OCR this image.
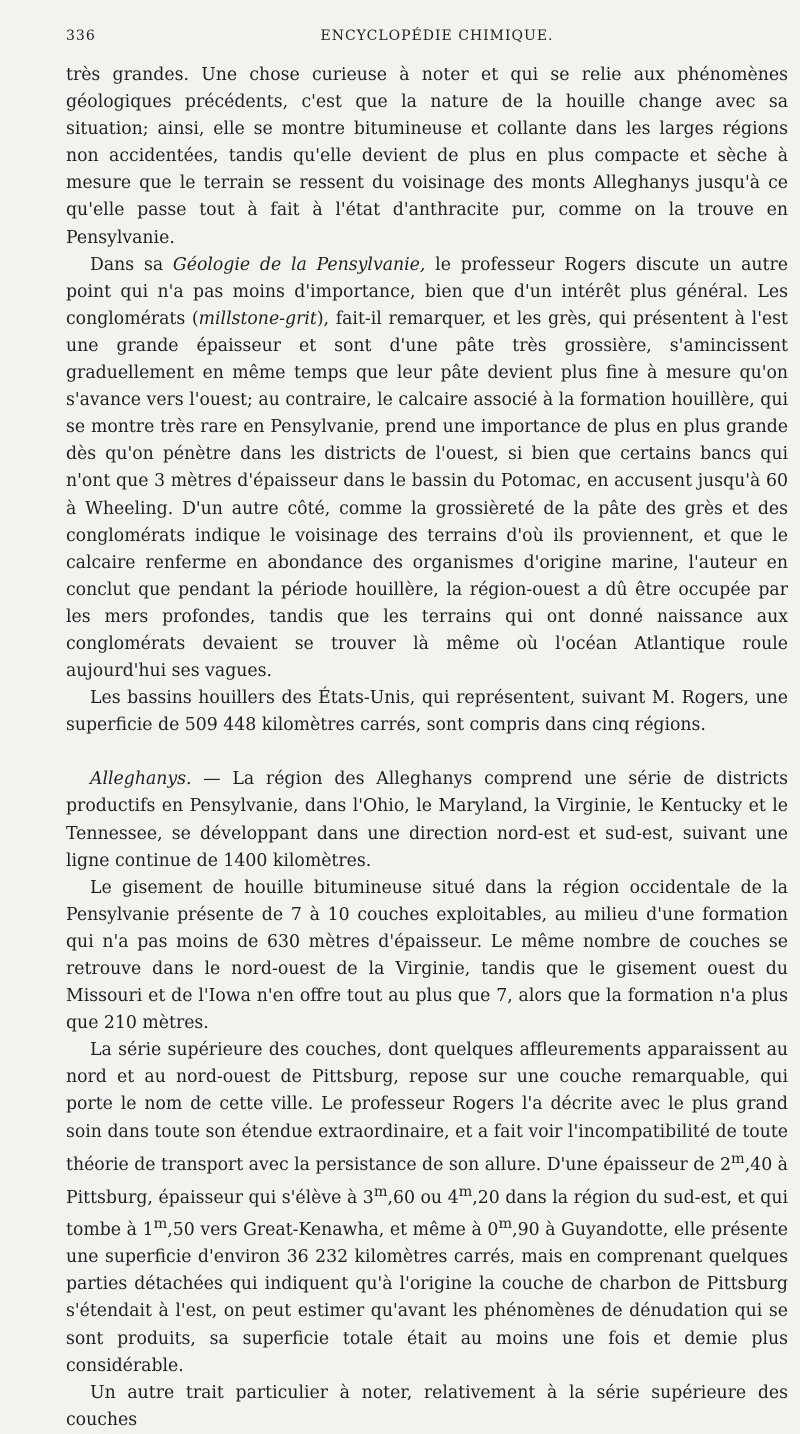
336	ENCYCLOPÉDIE CHIMIQUE.

très grandes. Une chose curieuse à noter et qui se relie aux phénomènes géologiques précédents, c'est que la nature de la houille change avec sa situation; ainsi, elle se montre bitumineuse et collante dans les larges régions non accidentées, tandis qu'elle devient de plus en plus compacte et sèche à mesure que le terrain se ressent du voisinage des monts Alleghanys jusqu'à ce qu'elle passe tout à fait à l'état d'anthracite pur, comme on la trouve en Pensylvanie.

Dans sa Géologie de la Pensylvanie, le professeur Rogers discute un autre point qui n'a pas moins d'importance, bien que d'un intérêt plus général. Les conglomérats (millstone-grit), fait-il remarquer, et les grès, qui présentent à l'est une grande épaisseur et sont d'une pâte très grossière, s'amincissent graduellement en même temps que leur pâte devient plus fine à mesure qu'on s'avance vers l'ouest; au contraire, le calcaire associé à la formation houillère, qui se montre très rare en Pensylvanie, prend une importance de plus en plus grande dès qu'on pénètre dans les districts de l'ouest, si bien que certains bancs qui n'ont que 3 mètres d'épaisseur dans le bassin du Potomac, en accusent jusqu'à 60 à Wheeling. D'un autre côté, comme la grossièreté de la pâte des grès et des conglomérats indique le voisinage des terrains d'où ils proviennent, et que le calcaire renferme en abondance des organismes d'origine marine, l'auteur en conclut que pendant la période houillère, la région-ouest a dû être occupée par les mers profondes, tandis que les terrains qui ont donné naissance aux conglomérats devaient se trouver là même où l'océan Atlantique roule aujourd'hui ses vagues.

Les bassins houillers des États-Unis, qui représentent, suivant M. Rogers, une superficie de 509 448 kilomètres carrés, sont compris dans cinq régions.

Alleghanys. — La région des Alleghanys comprend une série de districts productifs en Pensylvanie, dans l'Ohio, le Maryland, la Virginie, le Kentucky et le Tennessee, se développant dans une direction nord-est et sud-est, suivant une ligne continue de 1400 kilomètres.

Le gisement de houille bitumineuse situé dans la région occidentale de la Pensylvanie présente de 7 à 10 couches exploitables, au milieu d'une formation qui n'a pas moins de 630 mètres d'épaisseur. Le même nombre de couches se retrouve dans le nord-ouest de la Virginie, tandis que le gisement ouest du Missouri et de l'Iowa n'en offre tout au plus que 7, alors que la formation n'a plus que 210 mètres.

La série supérieure des couches, dont quelques affleurements apparaissent au nord et au nord-ouest de Pittsburg, repose sur une couche remarquable, qui porte le nom de cette ville. Le professeur Rogers l'a décrite avec le plus grand soin dans toute son étendue extraordinaire, et a fait voir l'incompatibilité de toute théorie de transport avec la persistance de son allure. D'une épaisseur de 2$^m$,40 à Pittsburg, épaisseur qui s'élève à 3$^m$,60 ou 4$^m$,20 dans la région du sud-est, et qui tombe à 1$^m$,50 vers Great-Kenawha, et même à 0$^m$,90 à Guyandotte, elle présente une superficie d'environ 36 232 kilomètres carrés, mais en comprenant quelques parties détachées qui indiquent qu'à l'origine la couche de charbon de Pittsburg s'étendait à l'est, on peut estimer qu'avant les phénomènes de dénudation qui se sont produits, sa superficie totale était au moins une fois et demie plus considérable.

Un autre trait particulier à noter, relativement à la série supérieure des couches
